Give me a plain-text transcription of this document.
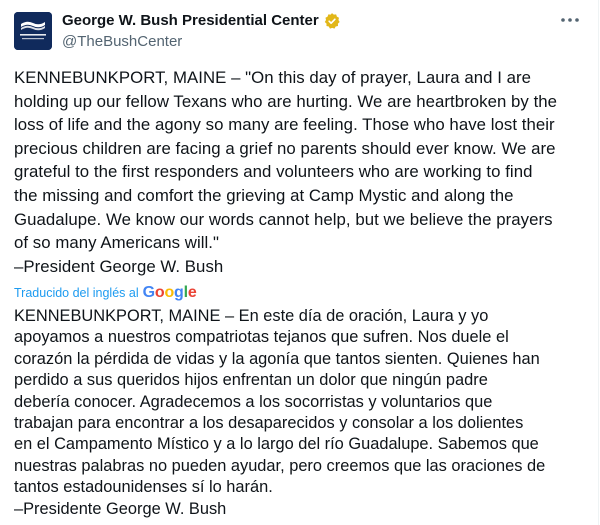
George W. Bush Presidential Center
@TheBushCenter
KENNEBUNKPORT, MAINE – "On this day of prayer, Laura and I are
holding up our fellow Texans who are hurting. We are heartbroken by the
loss of life and the agony so many are feeling. Those who have lost their
precious children are facing a grief no parents should ever know. We are
grateful to the first responders and volunteers who are working to find
the missing and comfort the grieving at Camp Mystic and along the
Guadalupe. We know our words cannot help, but we believe the prayers
of so many Americans will."
–President George W. Bush
Traducido del inglés al Google
KENNEBUNKPORT, MAINE – En este día de oración, Laura y yo
apoyamos a nuestros compatriotas tejanos que sufren. Nos duele el
corazón la pérdida de vidas y la agonía que tantos sienten. Quienes han
perdido a sus queridos hijos enfrentan un dolor que ningún padre
debería conocer. Agradecemos a los socorristas y voluntarios que
trabajan para encontrar a los desaparecidos y consolar a los dolientes
en el Campamento Místico y a lo largo del río Guadalupe. Sabemos que
nuestras palabras no pueden ayudar, pero creemos que las oraciones de
tantos estadounidenses sí lo harán.
–Presidente George W. Bush
